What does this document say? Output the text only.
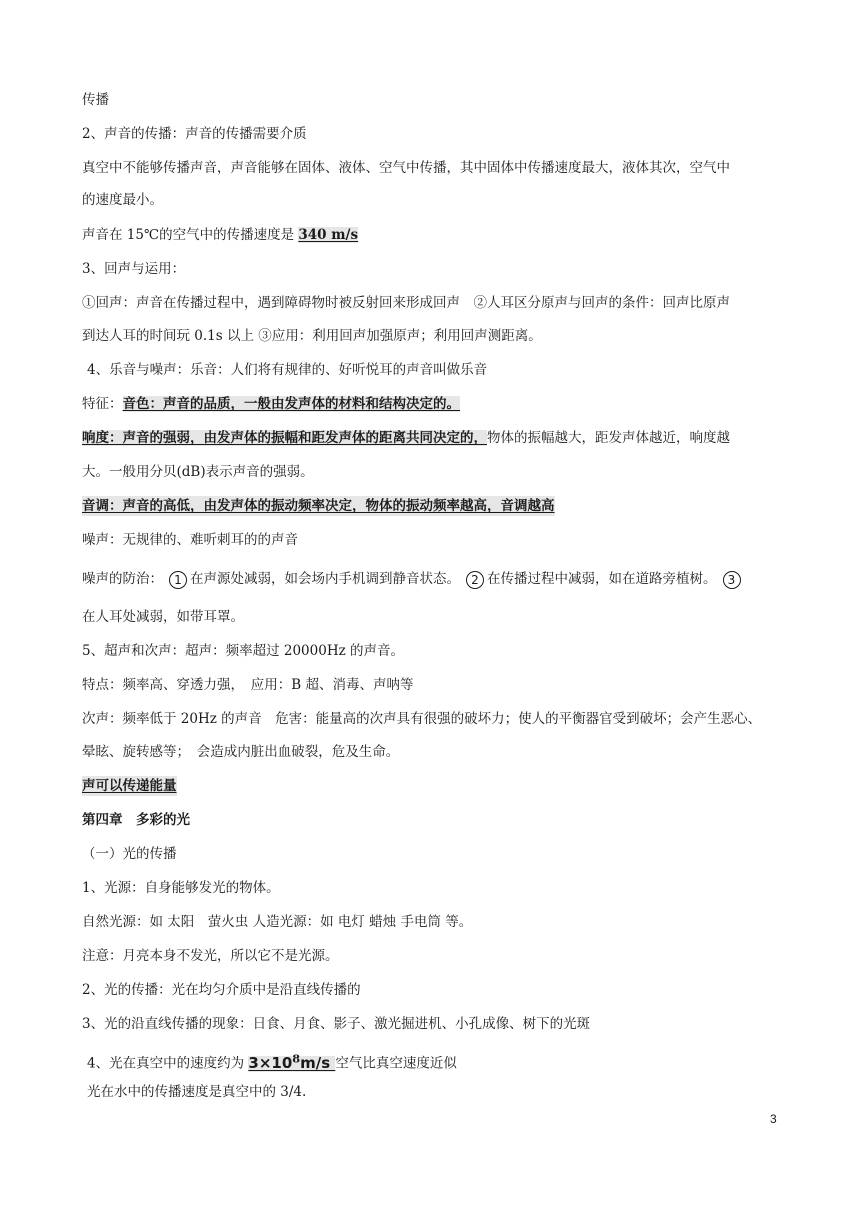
传播

2、声音的传播：声音的传播需要介质

真空中不能够传播声音，声音能够在固体、液体、空气中传播，其中固体中传播速度最大，液体其次，空气中

的速度最小。

声音在 15℃的空气中的传播速度是 340 m/s

3、回声与运用：

①回声：声音在传播过程中，遇到障碍物时被反射回来形成回声　②人耳区分原声与回声的条件：回声比原声

到达人耳的时间玩 0.1s 以上 ③应用：利用回声加强原声；利用回声测距离。

4、乐音与噪声：乐音：人们将有规律的、好听悦耳的声音叫做乐音

特征：音色：声音的品质，一般由发声体的材料和结构决定的。

响度：声音的强弱，由发声体的振幅和距发声体的距离共同决定的，物体的振幅越大，距发声体越近，响度越

大。一般用分贝(dB)表示声音的强弱。

音调：声音的高低，由发声体的振动频率决定，物体的振动频率越高，音调越高

噪声：无规律的、难听刺耳的的声音

噪声的防治： 1 在声源处减弱，如会场内手机调到静音状态。 2 在传播过程中减弱，如在道路旁植树。 3

在人耳处减弱，如带耳罩。

5、超声和次声：超声：频率超过 20000Hz 的声音。

特点：频率高、穿透力强，　应用：B 超、消毒、声呐等

次声：频率低于 20Hz 的声音　危害：能量高的次声具有很强的破坏力；使人的平衡器官受到破坏；会产生恶心、

晕眩、旋转感等；　会造成内脏出血破裂，危及生命。

声可以传递能量

第四章　多彩的光

（一）光的传播

1、光源：自身能够发光的物体。

自然光源：如 太阳　萤火虫 人造光源：如 电灯 蜡烛 手电筒 等。

注意：月亮本身不发光，所以它不是光源。

2、光的传播：光在均匀介质中是沿直线传播的

3、光的沿直线传播的现象：日食、月食、影子、激光掘进机、小孔成像、树下的光斑

4、光在真空中的速度约为 $3\times 10^8m/s$ 空气比真空速度近似

光在水中的传播速度是真空中的 3/4.

3
